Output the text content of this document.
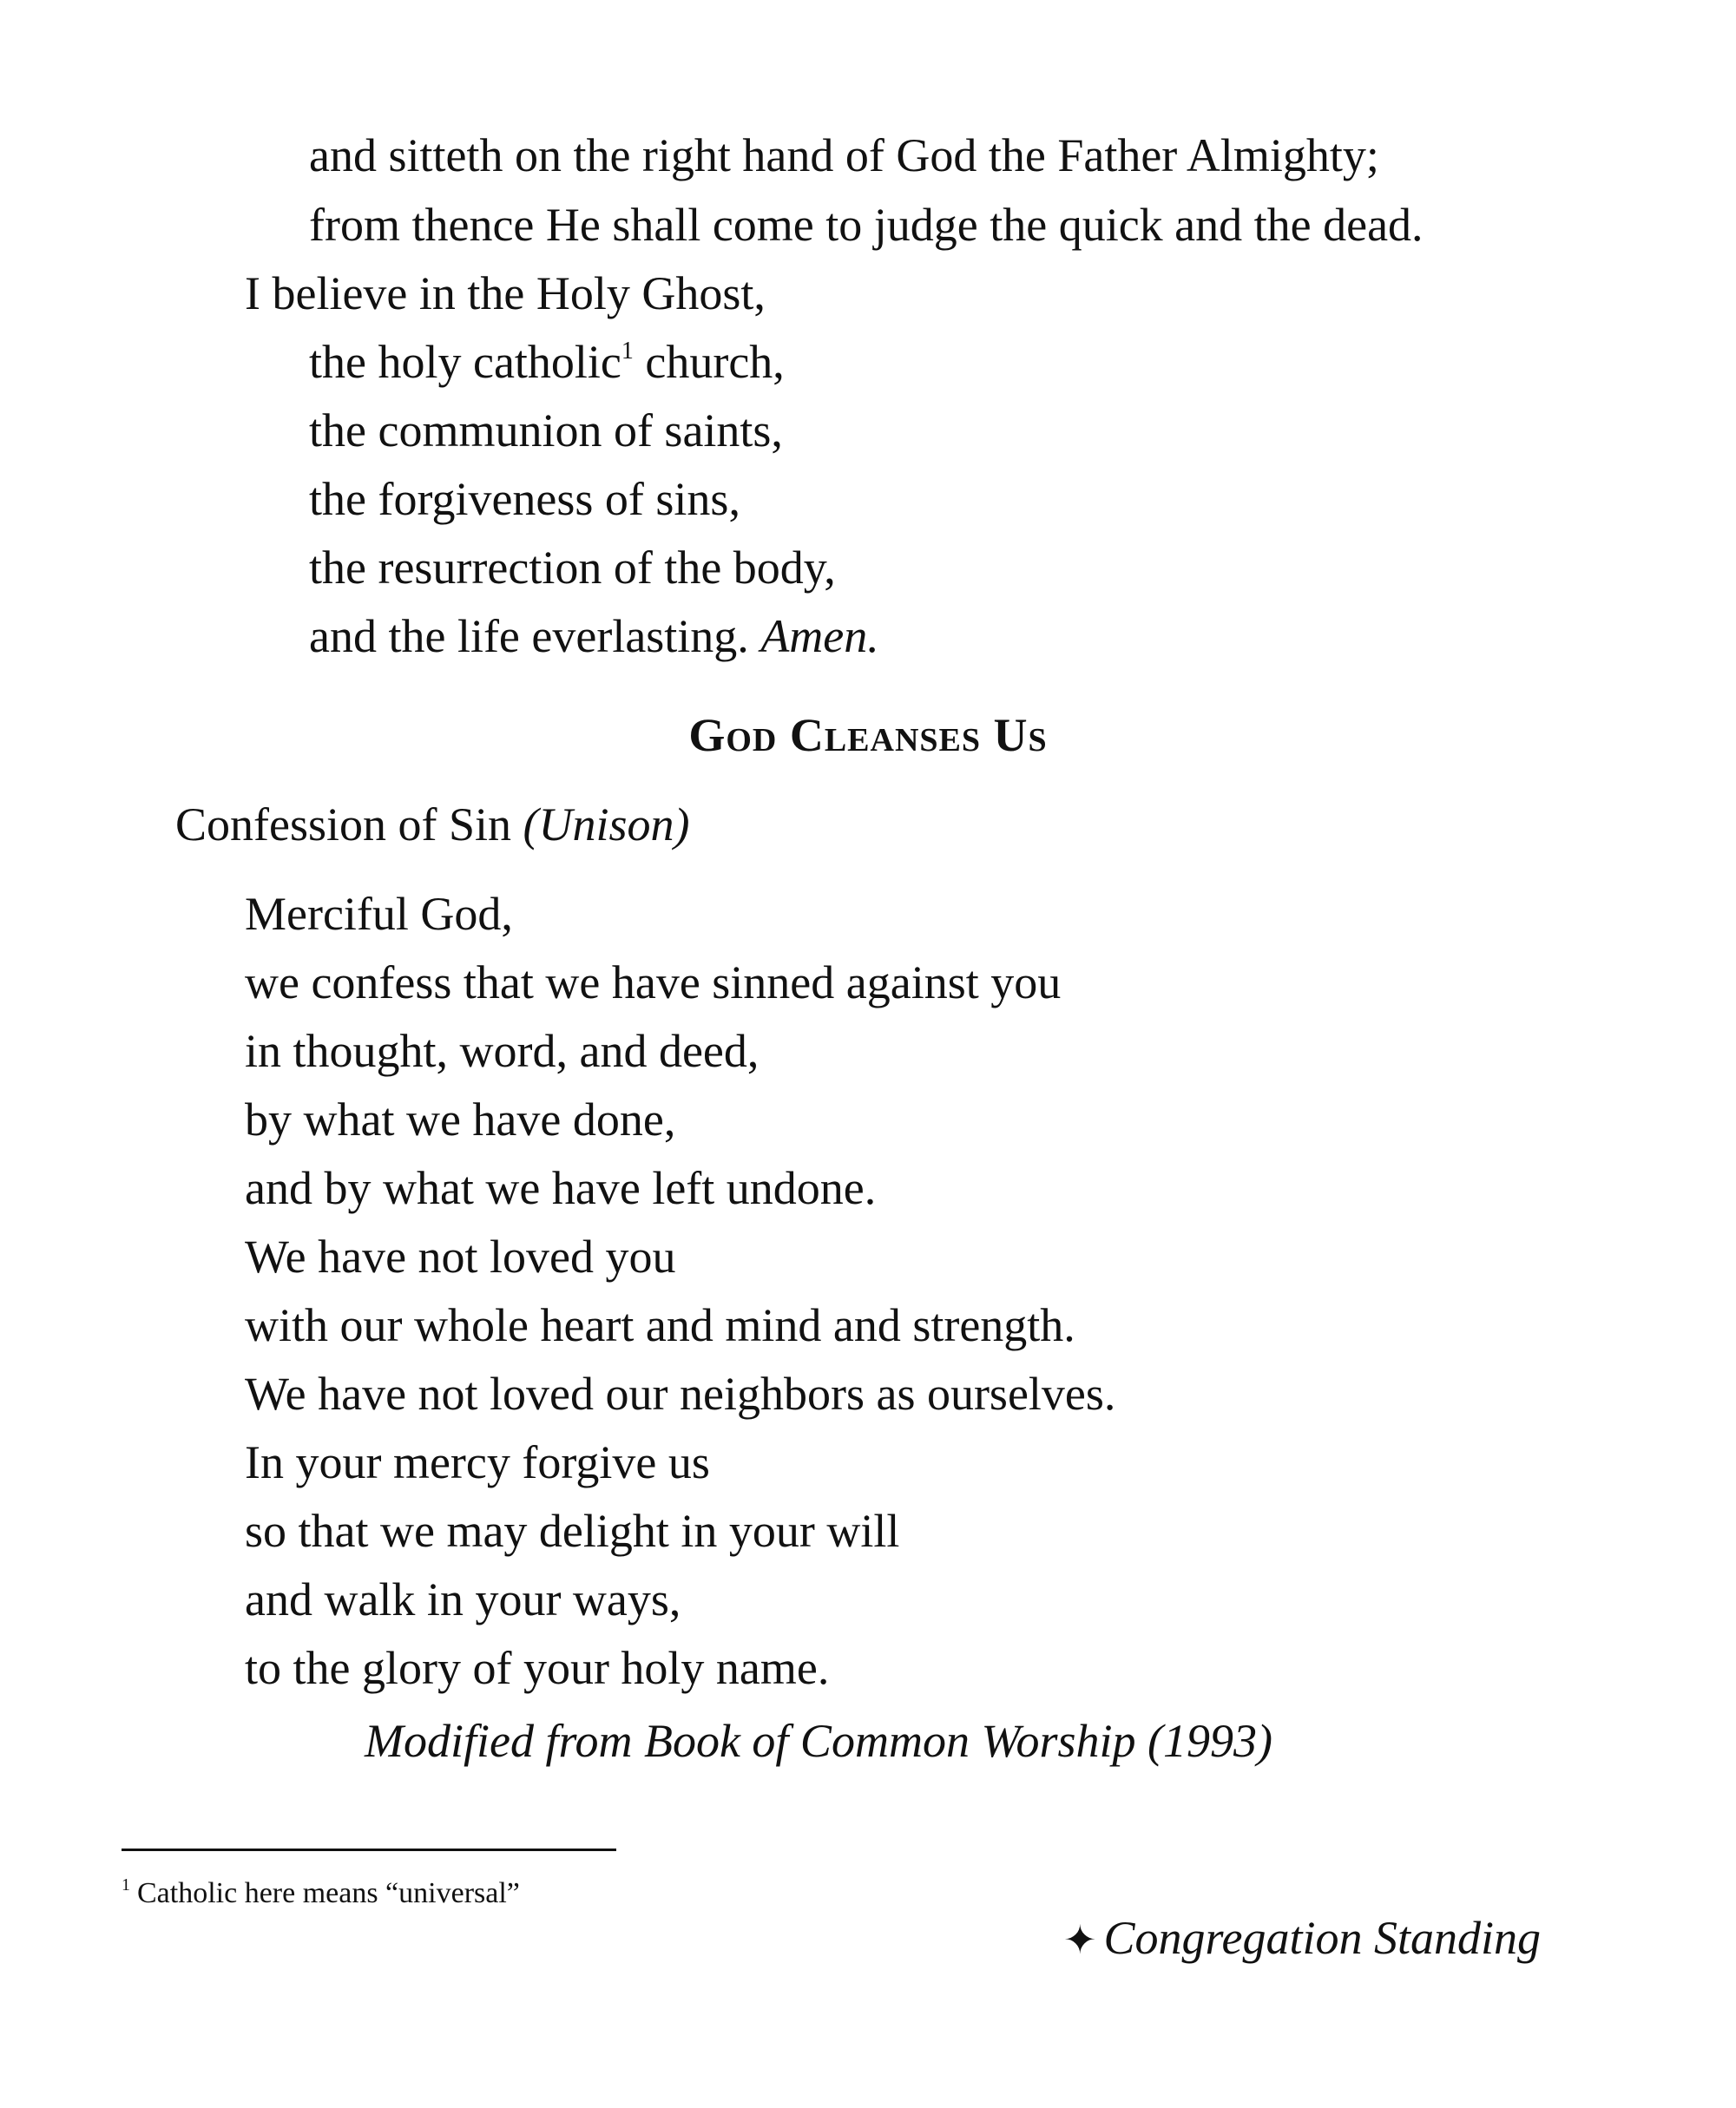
and sitteth on the right hand of God the Father Almighty;
from thence He shall come to judge the quick and the dead.
I believe in the Holy Ghost,
the holy catholic$^1$ church,
the communion of saints,
the forgiveness of sins,
the resurrection of the body,
and the life everlasting. Amen.
God Cleanses Us
Confession of Sin (Unison)
Merciful God,
we confess that we have sinned against you
in thought, word, and deed,
by what we have done,
and by what we have left undone.
We have not loved you
with our whole heart and mind and strength.
We have not loved our neighbors as ourselves.
In your mercy forgive us
so that we may delight in your will
and walk in your ways,
to the glory of your holy name.
Modified from Book of Common Worship (1993)
$^1$ Catholic here means “universal”
✦ Congregation Standing
